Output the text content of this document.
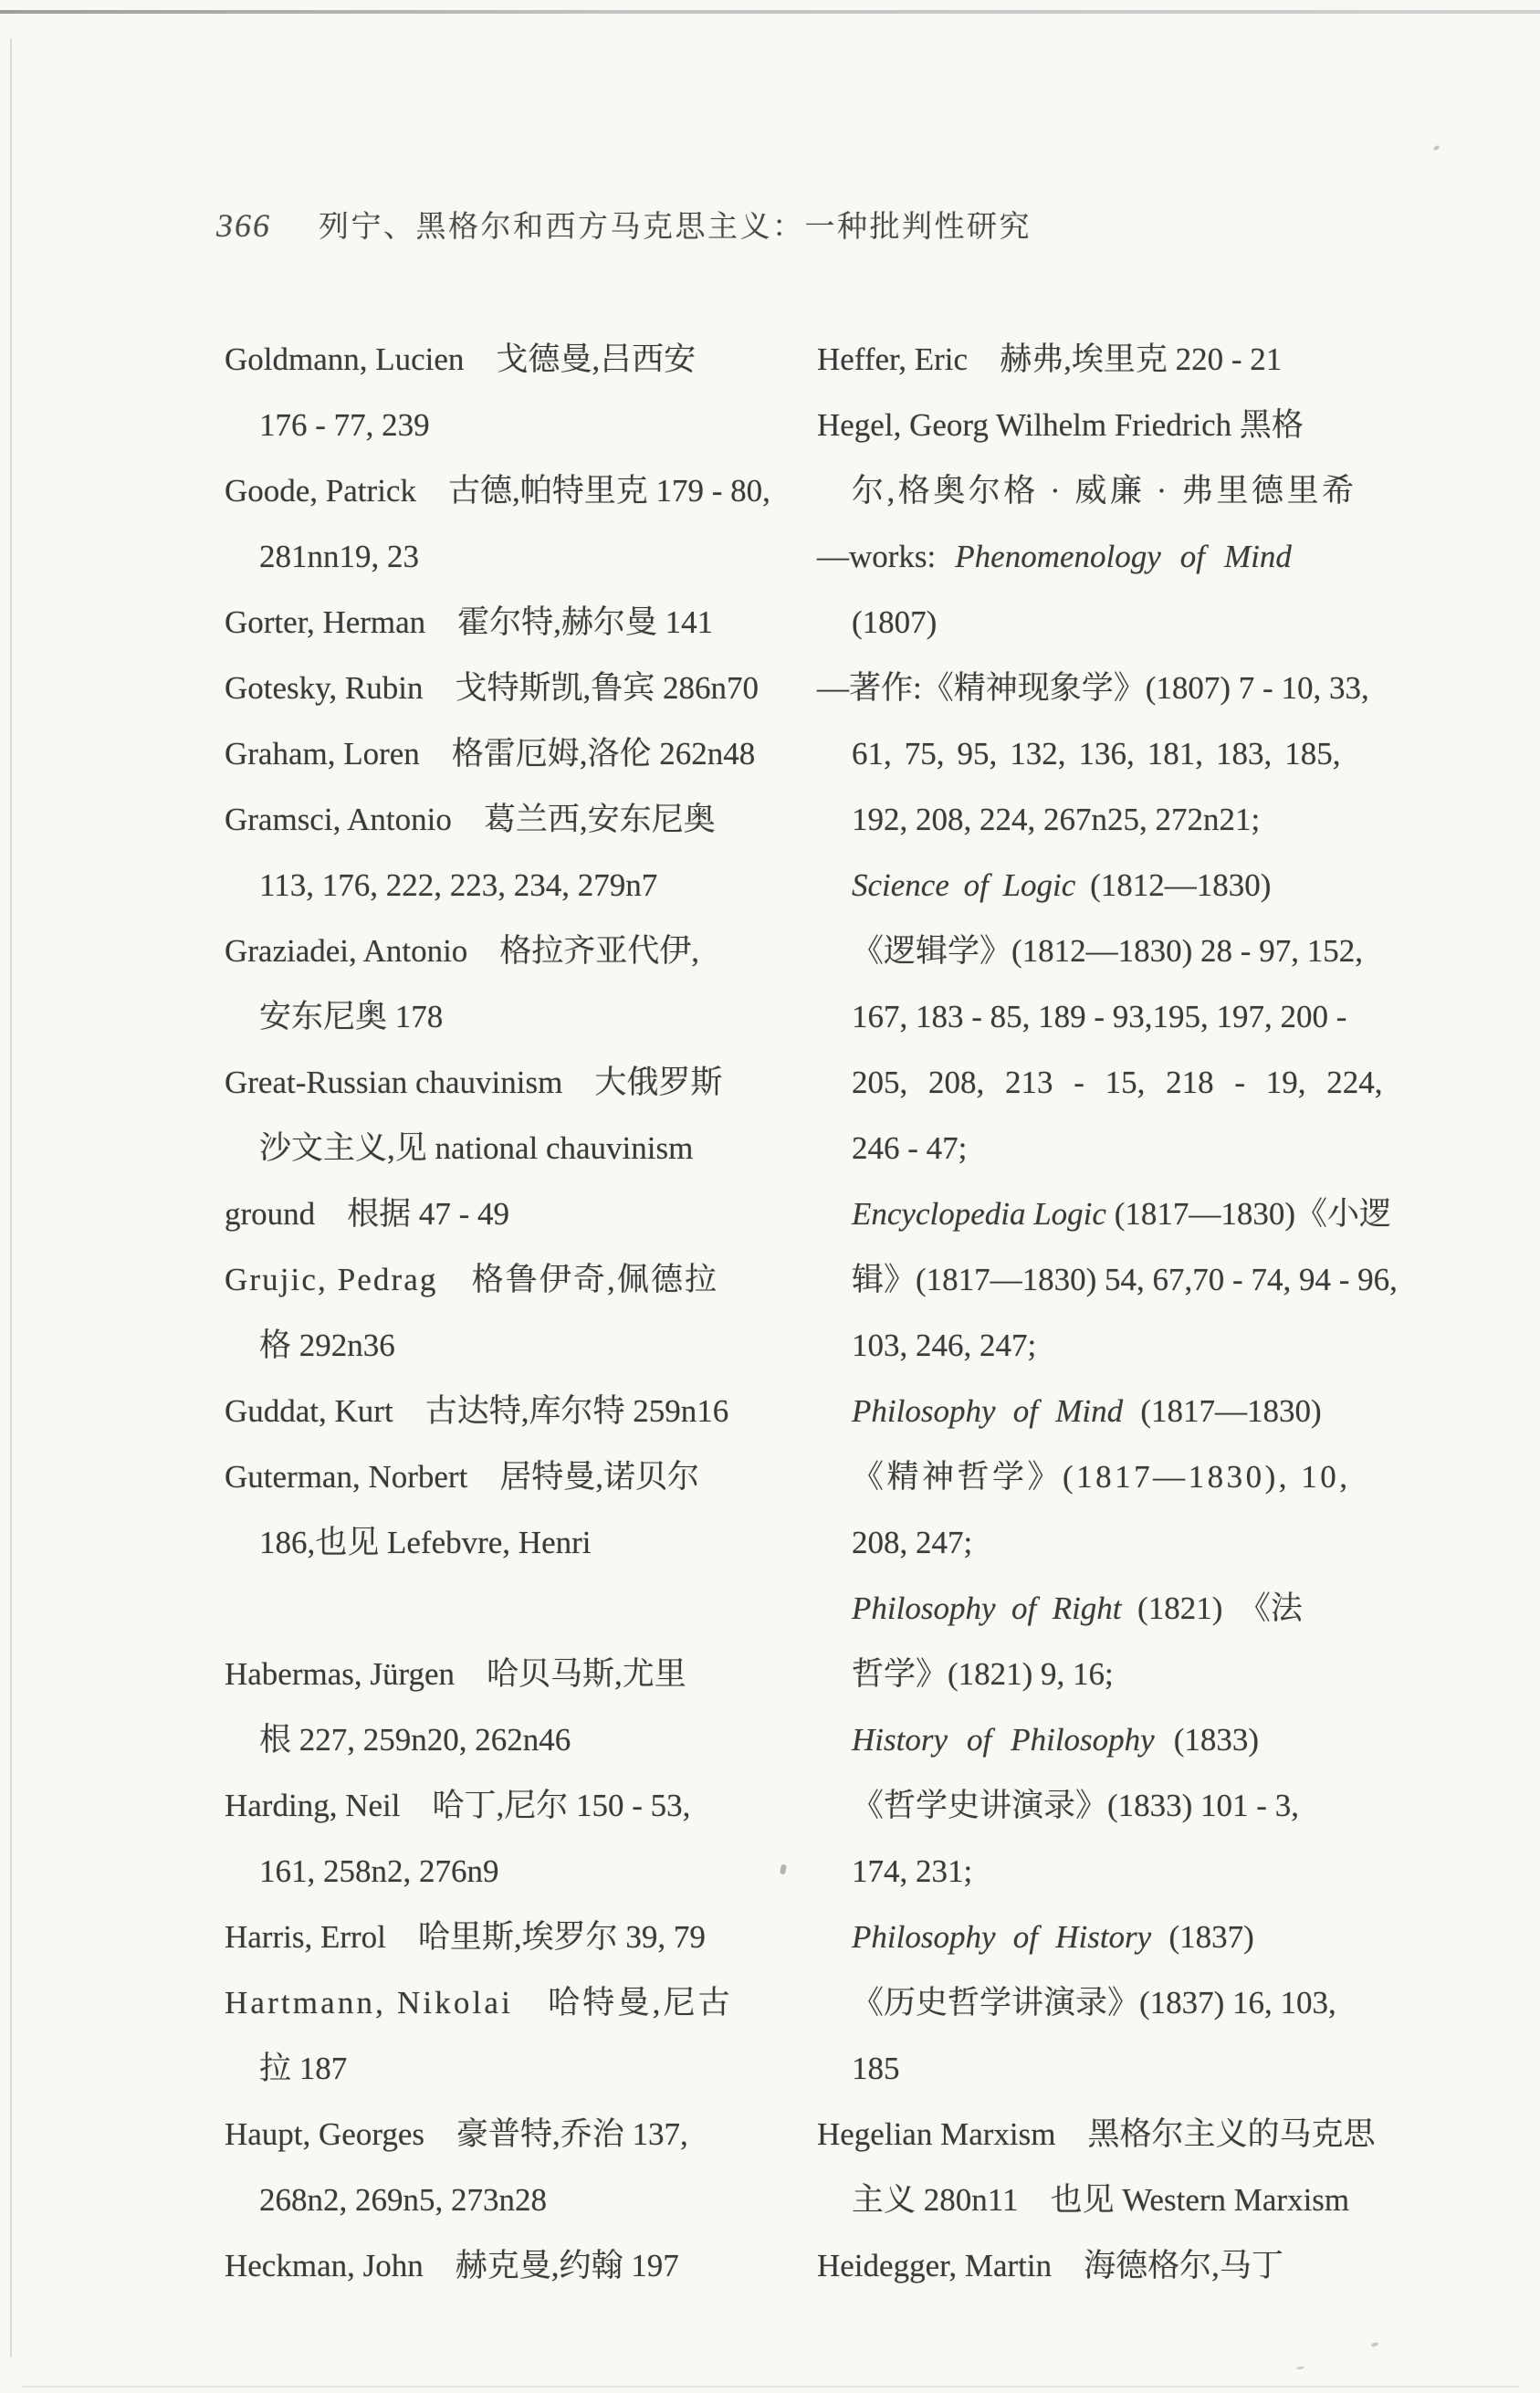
366 列宁、黑格尔和西方马克思主义：一种批判性研究
Goldmann, Lucien　戈德曼,吕西安
176 - 77, 239
Goode, Patrick　古德,帕特里克 179 - 80,
281nn19, 23
Gorter, Herman　霍尔特,赫尔曼 141
Gotesky, Rubin　戈特斯凯,鲁宾 286n70
Graham, Loren　格雷厄姆,洛伦 262n48
Gramsci, Antonio　葛兰西,安东尼奥
113, 176, 222, 223, 234, 279n7
Graziadei, Antonio　格拉齐亚代伊,
安东尼奥 178
Great-Russian chauvinism　大俄罗斯
沙文主义,见 national chauvinism
ground　根据 47 - 49
Grujic, Pedrag　格鲁伊奇,佩德拉
格 292n36
Guddat, Kurt　古达特,库尔特 259n16
Guterman, Norbert　居特曼,诺贝尔
186,也见 Lefebvre, Henri
Habermas, Jürgen　哈贝马斯,尤里
根 227, 259n20, 262n46
Harding, Neil　哈丁,尼尔 150 - 53,
161, 258n2, 276n9
Harris, Errol　哈里斯,埃罗尔 39, 79
Hartmann, Nikolai　哈特曼,尼古
拉 187
Haupt, Georges　豪普特,乔治 137,
268n2, 269n5, 273n28
Heckman, John　赫克曼,约翰 197
Heffer, Eric　赫弗,埃里克 220 - 21
Hegel, Georg Wilhelm Friedrich 黑格
尔,格奥尔格 · 威廉 · 弗里德里希
—works: Phenomenology of Mind
(1807)
—著作:《精神现象学》(1807) 7 - 10, 33,
61, 75, 95, 132, 136, 181, 183, 185,
192, 208, 224, 267n25, 272n21;
Science of Logic (1812—1830)
《逻辑学》(1812—1830) 28 - 97, 152,
167, 183 - 85, 189 - 93,195, 197, 200 -
205, 208, 213 - 15, 218 - 19, 224,
246 - 47;
Encyclopedia Logic (1817—1830)《小逻
辑》(1817—1830) 54, 67,70 - 74, 94 - 96,
103, 246, 247;
Philosophy of Mind (1817—1830)
《精神哲学》(1817—1830), 10,
208, 247;
Philosophy of Right (1821)　《法
哲学》(1821) 9, 16;
History of Philosophy (1833)
《哲学史讲演录》(1833) 101 - 3,
174, 231;
Philosophy of History (1837)
《历史哲学讲演录》(1837) 16, 103,
185
Hegelian Marxism　黑格尔主义的马克思
主义 280n11　也见 Western Marxism
Heidegger, Martin　海德格尔,马丁
